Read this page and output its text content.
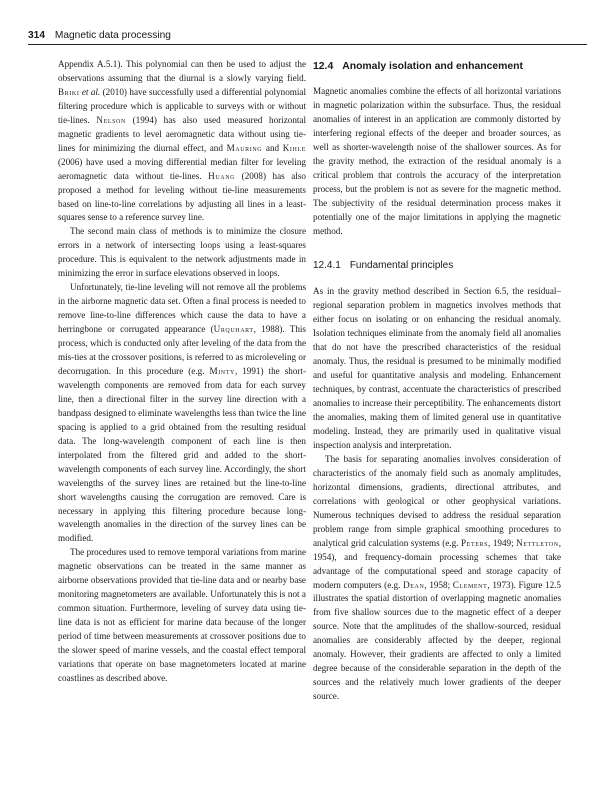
314 Magnetic data processing

Appendix A.5.1). This polynomial can then be used to adjust the observations assuming that the diurnal is a slowly varying field. Briki et al. (2010) have successfully used a differential polynomial filtering procedure which is applicable to surveys with or without tie-lines. Nelson (1994) has also used measured horizontal magnetic gradients to level aeromagnetic data without using tie-lines for minimizing the diurnal effect, and Mauring and Kihle (2006) have used a moving differential median filter for leveling aeromagnetic data without tie-lines. Huang (2008) has also proposed a method for leveling without tie-line measurements based on line-to-line correlations by adjusting all lines in a least-squares sense to a reference survey line.

The second main class of methods is to minimize the closure errors in a network of intersecting loops using a least-squares procedure. This is equivalent to the network adjustments made in minimizing the error in surface elevations observed in loops.

Unfortunately, tie-line leveling will not remove all the problems in the airborne magnetic data set. Often a final process is needed to remove line-to-line differences which cause the data to have a herringbone or corrugated appearance (Urquhart, 1988). This process, which is conducted only after leveling of the data from the mis-ties at the crossover positions, is referred to as microleveling or decorrugation. In this procedure (e.g. Minty, 1991) the short-wavelength components are removed from data for each survey line, then a directional filter in the survey line direction with a bandpass designed to eliminate wavelengths less than twice the line spacing is applied to a grid obtained from the resulting residual data. The long-wavelength component of each line is then interpolated from the filtered grid and added to the short-wavelength components of each survey line. Accordingly, the short wavelengths of the survey lines are retained but the line-to-line short wavelengths causing the corrugation are removed. Care is necessary in applying this filtering procedure because long-wavelength anomalies in the direction of the survey lines can be modified.

The procedures used to remove temporal variations from marine magnetic observations can be treated in the same manner as airborne observations provided that tie-line data and or nearby base monitoring magnetometers are available. Unfortunately this is not a common situation. Furthermore, leveling of survey data using tie-line data is not as efficient for marine data because of the longer period of time between measurements at crossover positions due to the slower speed of marine vessels, and the coastal effect temporal variations that operate on base magnetometers located at marine coastlines as described above.

12.4 Anomaly isolation and enhancement

Magnetic anomalies combine the effects of all horizontal variations in magnetic polarization within the subsurface. Thus, the residual anomalies of interest in an application are commonly distorted by interfering regional effects of the deeper and broader sources, as well as shorter-wavelength noise of the shallower sources. As for the gravity method, the extraction of the residual anomaly is a critical problem that controls the accuracy of the interpretation process, but the problem is not as severe for the magnetic method. The subjectivity of the residual determination process makes it potentially one of the major limitations in applying the magnetic method.

12.4.1 Fundamental principles

As in the gravity method described in Section 6.5, the residual–regional separation problem in magnetics involves methods that either focus on isolating or on enhancing the residual anomaly. Isolation techniques eliminate from the anomaly field all anomalies that do not have the prescribed characteristics of the residual anomaly. Thus, the residual is presumed to be minimally modified and useful for quantitative analysis and modeling. Enhancement techniques, by contrast, accentuate the characteristics of prescribed anomalies to increase their perceptibility. The enhancements distort the anomalies, making them of limited general use in quantitative modeling. Instead, they are primarily used in qualitative visual inspection analysis and interpretation.

The basis for separating anomalies involves consideration of characteristics of the anomaly field such as anomaly amplitudes, horizontal dimensions, gradients, directional attributes, and correlations with geological or other geophysical variations. Numerous techniques devised to address the residual separation problem range from simple graphical smoothing procedures to analytical grid calculation systems (e.g. Peters, 1949; Nettleton, 1954), and frequency-domain processing schemes that take advantage of the computational speed and storage capacity of modern computers (e.g. Dean, 1958; Clement, 1973). Figure 12.5 illustrates the spatial distortion of overlapping magnetic anomalies from five shallow sources due to the magnetic effect of a deeper source. Note that the amplitudes of the shallow-sourced, residual anomalies are considerably affected by the deeper, regional anomaly. However, their gradients are affected to only a limited degree because of the considerable separation in the depth of the sources and the relatively much lower gradients of the deeper source.
